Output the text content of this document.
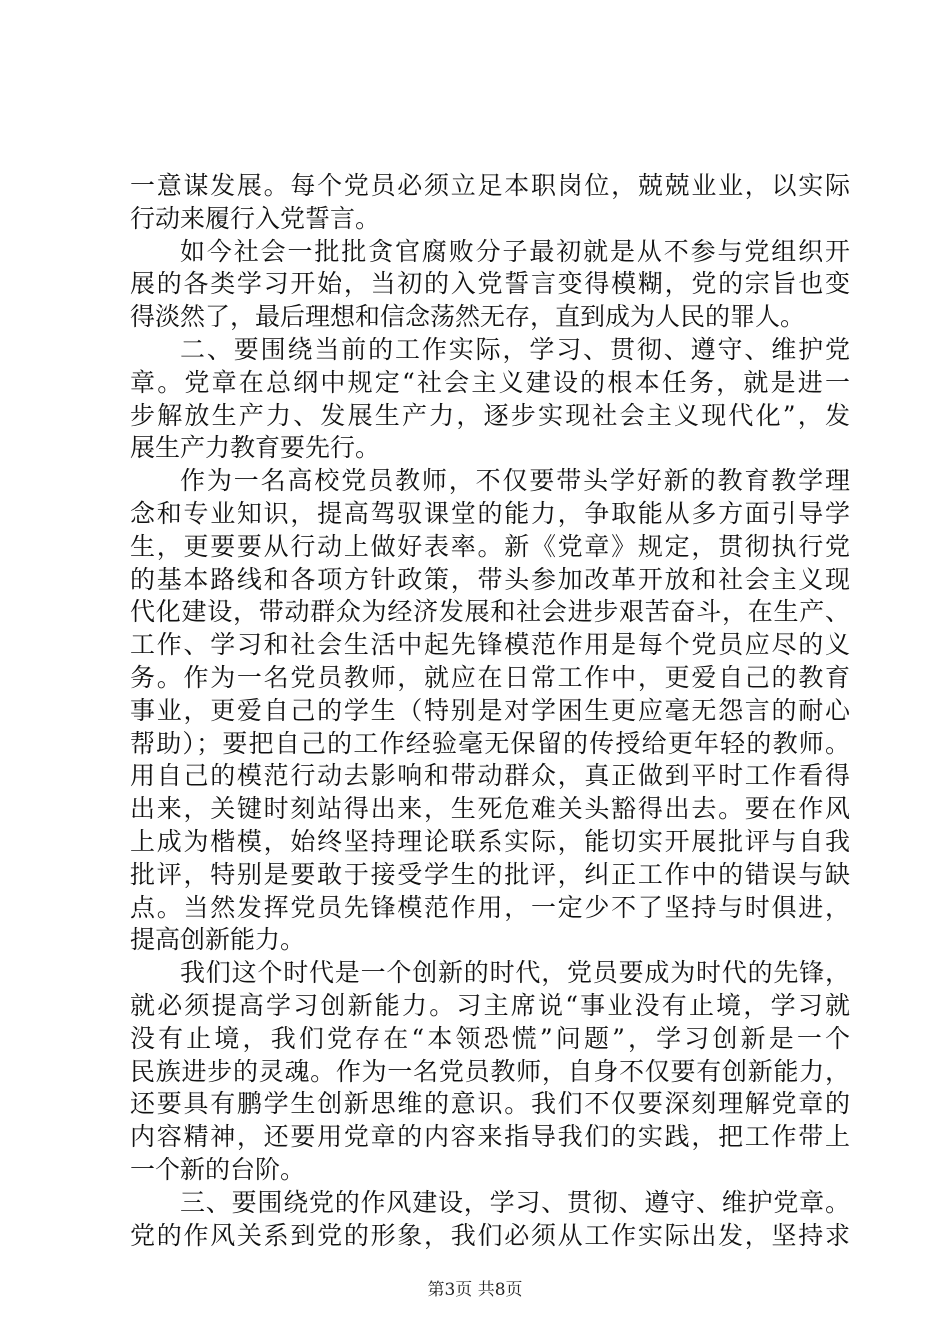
一意谋发展。每个党员必须立足本职岗位，兢兢业业，以实际
行动来履行入党誓言。
如今社会一批批贪官腐败分子最初就是从不参与党组织开
展的各类学习开始，当初的入党誓言变得模糊，党的宗旨也变
得淡然了，最后理想和信念荡然无存，直到成为人民的罪人。
二、要围绕当前的工作实际，学习、贯彻、遵守、维护党
章。党章在总纲中规定“社会主义建设的根本任务，就是进一
步解放生产力、发展生产力，逐步实现社会主义现代化”，发
展生产力教育要先行。
作为一名高校党员教师，不仅要带头学好新的教育教学理
念和专业知识，提高驾驭课堂的能力，争取能从多方面引导学
生，更要要从行动上做好表率。新《党章》规定，贯彻执行党
的基本路线和各项方针政策，带头参加改革开放和社会主义现
代化建设，带动群众为经济发展和社会进步艰苦奋斗，在生产、
工作、学习和社会生活中起先锋模范作用是每个党员应尽的义
务。作为一名党员教师，就应在日常工作中，更爱自己的教育
事业，更爱自己的学生（特别是对学困生更应毫无怨言的耐心
帮助）；要把自己的工作经验毫无保留的传授给更年轻的教师。
用自己的模范行动去影响和带动群众，真正做到平时工作看得
出来，关键时刻站得出来，生死危难关头豁得出去。要在作风
上成为楷模，始终坚持理论联系实际，能切实开展批评与自我
批评，特别是要敢于接受学生的批评，纠正工作中的错误与缺
点。当然发挥党员先锋模范作用，一定少不了坚持与时俱进，
提高创新能力。
我们这个时代是一个创新的时代，党员要成为时代的先锋，
就必须提高学习创新能力。习主席说“事业没有止境，学习就
没有止境，我们党存在“本领恐慌”问题”，学习创新是一个
民族进步的灵魂。作为一名党员教师，自身不仅要有创新能力，
还要具有鹏学生创新思维的意识。我们不仅要深刻理解党章的
内容精神，还要用党章的内容来指导我们的实践，把工作带上
一个新的台阶。
三、要围绕党的作风建设，学习、贯彻、遵守、维护党章。
党的作风关系到党的形象，我们必须从工作实际出发，坚持求
第3页 共8页
